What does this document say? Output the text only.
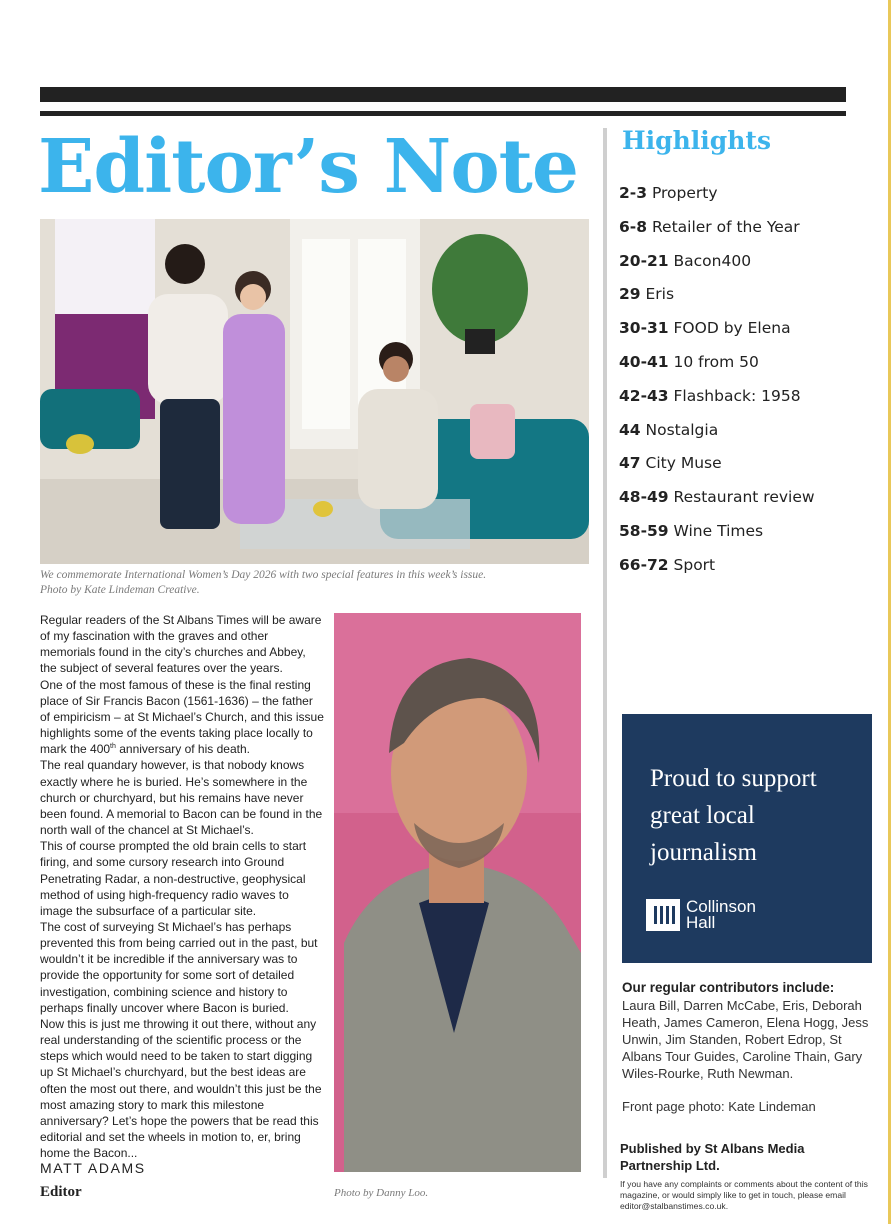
Editor’s Note
We commemorate International Women’s Day 2026 with two special features in this week’s issue.
Photo by Kate Lindeman Creative.

Regular readers of the St Albans Times will be aware of my fascination with the graves and other memorials found in the city’s churches and Abbey, the subject of several features over the years.

One of the most famous of these is the final resting place of Sir Francis Bacon (1561-1636) – the father of empiricism – at St Michael’s Church, and this issue highlights some of the events taking place locally to mark the 400th anniversary of his death.

The real quandary however, is that nobody knows exactly where he is buried. He’s somewhere in the church or churchyard, but his remains have never been found. A memorial to Bacon can be found in the north wall of the chancel at St Michael’s.

This of course prompted the old brain cells to start firing, and some cursory research into Ground Penetrating Radar, a non-destructive, geophysical method of using high-frequency radio waves to image the subsurface of a particular site.

The cost of surveying St Michael’s has perhaps prevented this from being carried out in the past, but wouldn’t it be incredible if the anniversary was to provide the opportunity for some sort of detailed investigation, combining science and history to perhaps finally uncover where Bacon is buried.

Now this is just me throwing it out there, without any real understanding of the scientific process or the steps which would need to be taken to start digging up St Michael’s churchyard, but the best ideas are often the most out there, and wouldn’t this just be the most amazing story to mark this milestone anniversary? Let’s hope the powers that be read this editorial and set the wheels in motion to, er, bring home the Bacon...

MATT ADAMS
Editor	Photo by Danny Loo.
Highlights
2-3 Property
6-8 Retailer of the Year
20-21 Bacon400
29 Eris
30-31 FOOD by Elena
40-41 10 from 50
42-43 Flashback: 1958
44 Nostalgia
47 City Muse
48-49 Restaurant review
58-59 Wine Times
66-72 Sport
Proud to support great local journalism
Collinson
Hall
Our regular contributors include:
Laura Bill, Darren McCabe, Eris, Deborah Heath, James Cameron, Elena Hogg, Jess Unwin, Jim Standen, Robert Edrop, St Albans Tour Guides, Caroline Thain, Gary Wiles-Rourke, Ruth Newman.
Front page photo: Kate Lindeman
Published by St Albans Media Partnership Ltd.
If you have any complaints or comments about the content of this magazine, or would simply like to get in touch, please email editor@stalbanstimes.co.uk.
